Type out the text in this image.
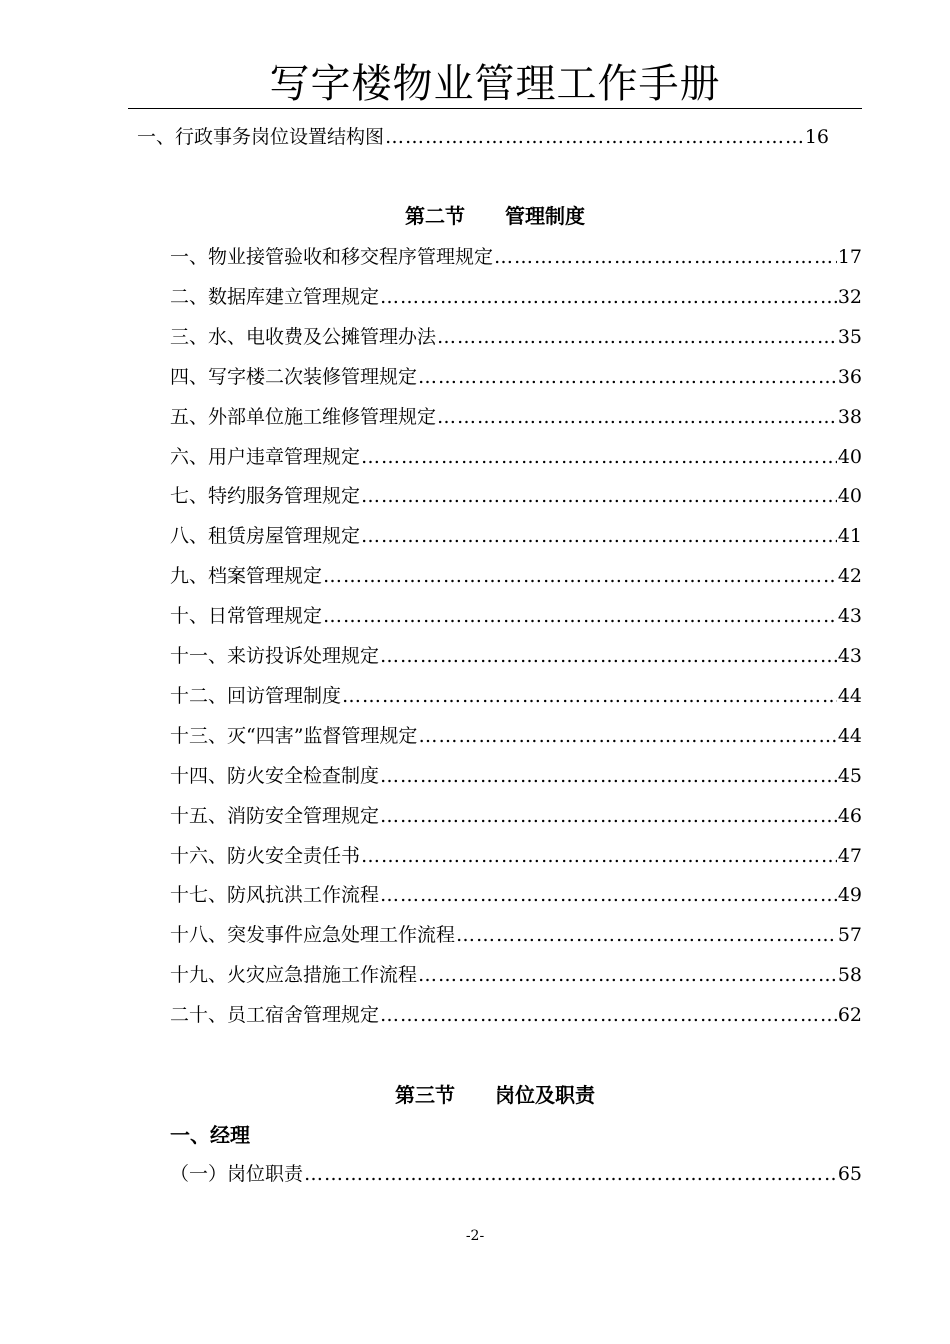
写字楼物业管理工作手册
一、行政事务岗位设置结构图 ………………………………………………………………………………………………………………………………………………	16
第二节 管理制度
一、物业接管验收和移交程序管理规定 ………………………………………………………………………………………………………………………………………………	17
二、数据库建立管理规定 ………………………………………………………………………………………………………………………………………………	32
三、水、电收费及公摊管理办法 ………………………………………………………………………………………………………………………………………………	35
四、写字楼二次装修管理规定 ………………………………………………………………………………………………………………………………………………	36
五、外部单位施工维修管理规定 ………………………………………………………………………………………………………………………………………………	38
六、用户违章管理规定 ………………………………………………………………………………………………………………………………………………	40
七、特约服务管理规定 ………………………………………………………………………………………………………………………………………………	40
八、租赁房屋管理规定 ………………………………………………………………………………………………………………………………………………	41
九、档案管理规定 ………………………………………………………………………………………………………………………………………………	42
十、日常管理规定 ………………………………………………………………………………………………………………………………………………	43
十一、来访投诉处理规定 ………………………………………………………………………………………………………………………………………………	43
十二、回访管理制度 ………………………………………………………………………………………………………………………………………………	44
十三、灭“四害”监督管理规定 ………………………………………………………………………………………………………………………………………………	44
十四、防火安全检查制度 ………………………………………………………………………………………………………………………………………………	45
十五、消防安全管理规定 ………………………………………………………………………………………………………………………………………………	46
十六、防火安全责任书 ………………………………………………………………………………………………………………………………………………	47
十七、防风抗洪工作流程 ………………………………………………………………………………………………………………………………………………	49
十八、突发事件应急处理工作流程 ………………………………………………………………………………………………………………………………………………	57
十九、火灾应急措施工作流程 ………………………………………………………………………………………………………………………………………………	58
二十、员工宿舍管理规定 ………………………………………………………………………………………………………………………………………………	62
第三节 岗位及职责
一、经理
（一）岗位职责 ………………………………………………………………………………………………………………………………………………	65
-2-
